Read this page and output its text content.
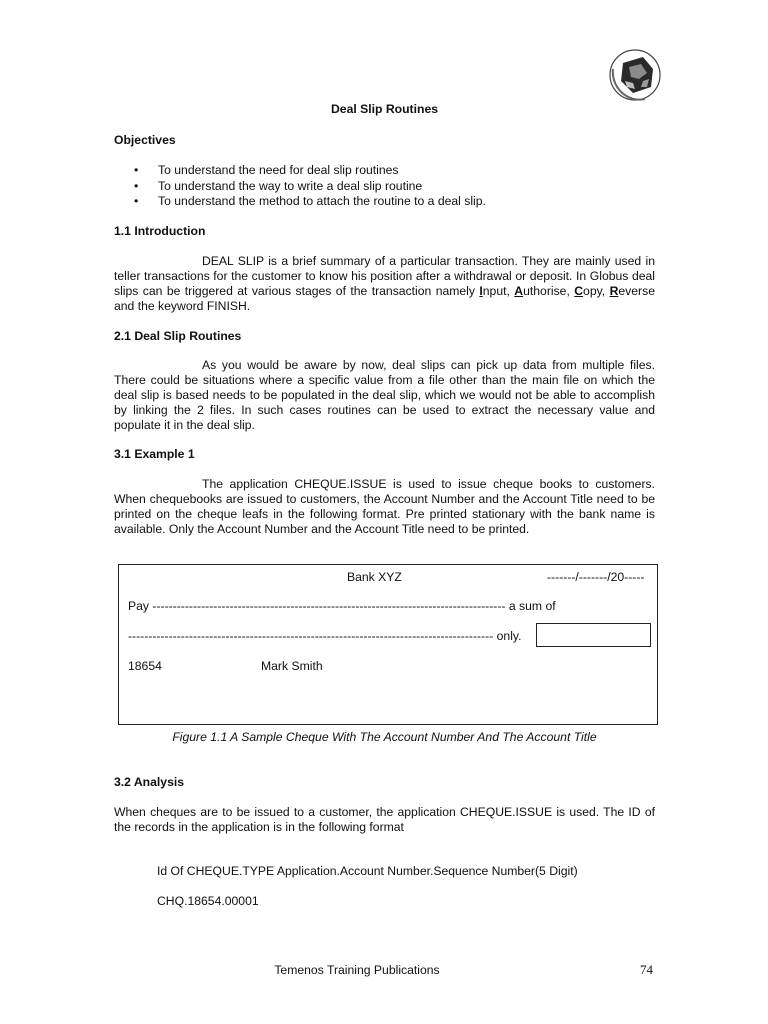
Deal Slip Routines
Objectives
• To understand the need for deal slip routines
• To understand the way to write a deal slip routine
• To understand the method to attach the routine to a deal slip.
1.1 Introduction

DEAL SLIP is a brief summary of a particular transaction. They are mainly used in teller transactions for the customer to know his position after a withdrawal or deposit. In Globus deal slips can be triggered at various stages of the transaction namely Input, Authorise, Copy, Reverse and the keyword FINISH.

2.1 Deal Slip Routines

As you would be aware by now, deal slips can pick up data from multiple files. There could be situations where a specific value from a file other than the main file on which the deal slip is based needs to be populated in the deal slip, which we would not be able to accomplish by linking the 2 files. In such cases routines can be used to extract the necessary value and populate it in the deal slip.

3.1 Example 1

The application CHEQUE.ISSUE is used to issue cheque books to customers. When chequebooks are issued to customers, the Account Number and the Account Title need to be printed on the cheque leafs in the following format. Pre printed stationary with the bank name is available. Only the Account Number and the Account Title need to be printed.

Bank XYZ	-------/-------/20-----
Pay --------------------------------------------------------------------------------------- a sum of
------------------------------------------------------------------------------------------ only.
18654	Mark Smith
Figure 1.1 A Sample Cheque With The Account Number And The Account Title
3.2 Analysis

When cheques are to be issued to a customer, the application CHEQUE.ISSUE is used. The ID of the records in the application is in the following format

Id Of CHEQUE.TYPE Application.Account Number.Sequence Number(5 Digit)
CHQ.18654.00001
Temenos Training Publications	74
